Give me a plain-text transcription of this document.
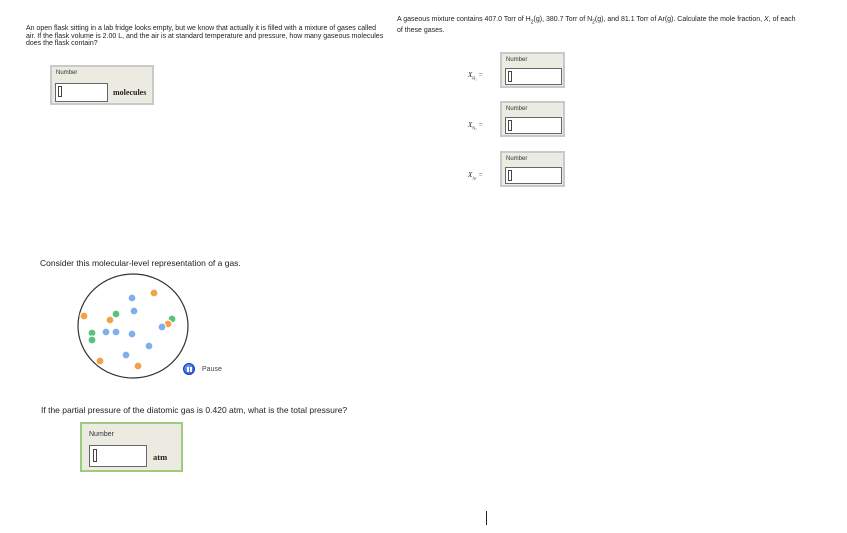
An open flask sitting in a lab fridge looks empty, but we know that actually it is filled with a mixture of gases called air. If the flask volume is 2.00 L, and the air is at standard temperature and pressure, how many gaseous molecules does the flask contain?
Number
molecules
A gaseous mixture contains 407.0 Torr of $H_2(g)$, 380.7 Torr of $N_2(g)$, and 81.1 Torr of Ar(g). Calculate the mole fraction, X, of each of these gases.
$X_{H_2}$ =
Number
$X_{N_2}$ =
Number
$X_{Ar}$ =
Number
Consider this molecular-level representation of a gas.
Pause
If the partial pressure of the diatomic gas is 0.420 atm, what is the total pressure?
Number
atm
